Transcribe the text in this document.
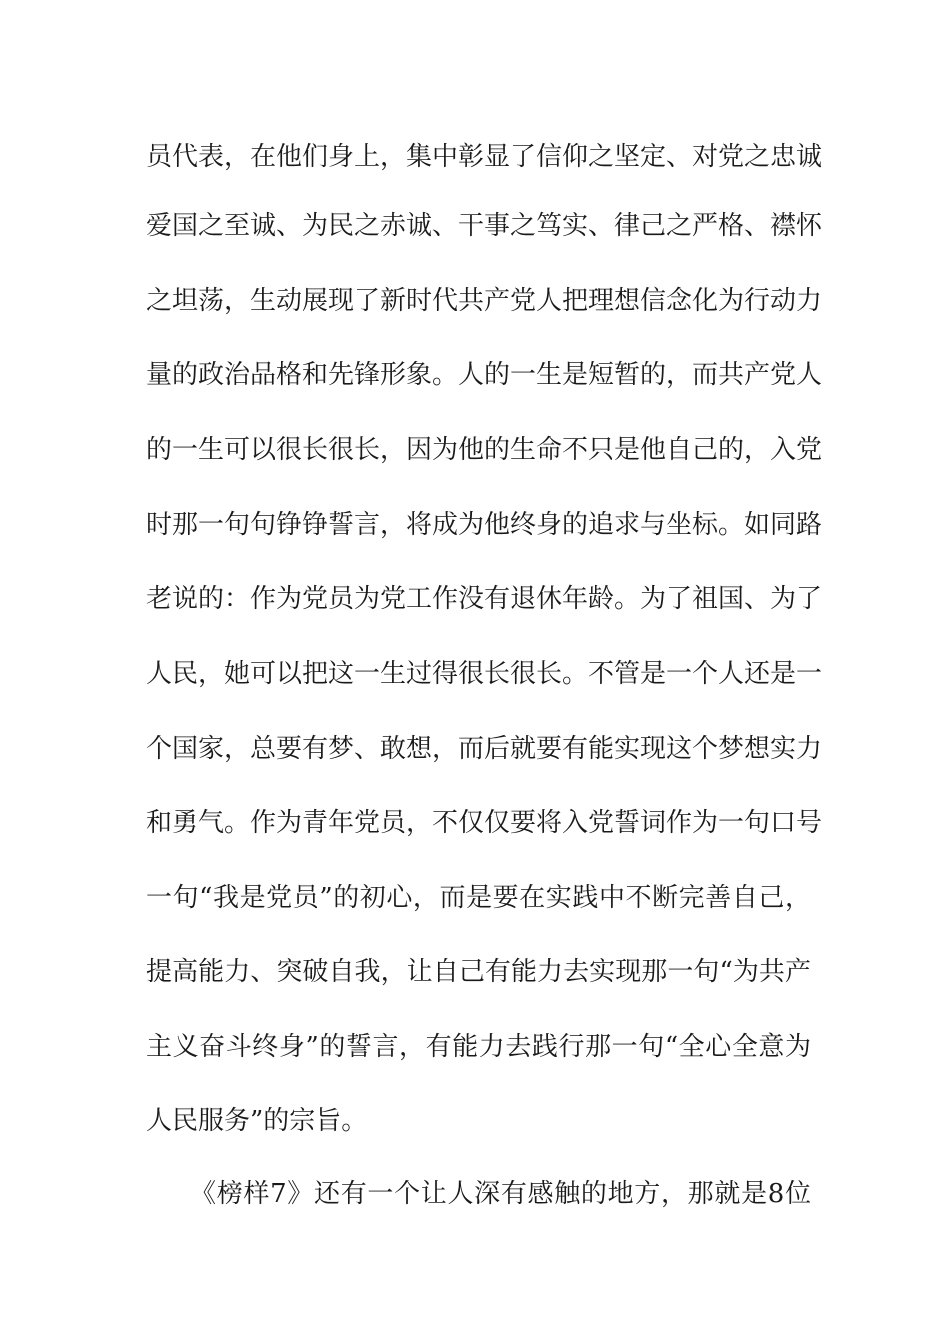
员代表，在他们身上，集中彰显了信仰之坚定、对党之忠诚
爱国之至诚、为民之赤诚、干事之笃实、律己之严格、襟怀
之坦荡，生动展现了新时代共产党人把理想信念化为行动力
量的政治品格和先锋形象。人的一生是短暂的，而共产党人
的一生可以很长很长，因为他的生命不只是他自己的，入党
时那一句句铮铮誓言，将成为他终身的追求与坐标。如同路
老说的：作为党员为党工作没有退休年龄。为了祖国、为了
人民，她可以把这一生过得很长很长。不管是一个人还是一
个国家，总要有梦、敢想，而后就要有能实现这个梦想实力
和勇气。作为青年党员，不仅仅要将入党誓词作为一句口号
一句“我是党员”的初心，而是要在实践中不断完善自己，
提高能力、突破自我，让自己有能力去实现那一句“为共产
主义奋斗终身”的誓言，有能力去践行那一句“全心全意为
人民服务”的宗旨。
《榜样7》还有一个让人深有感触的地方，那就是8位
